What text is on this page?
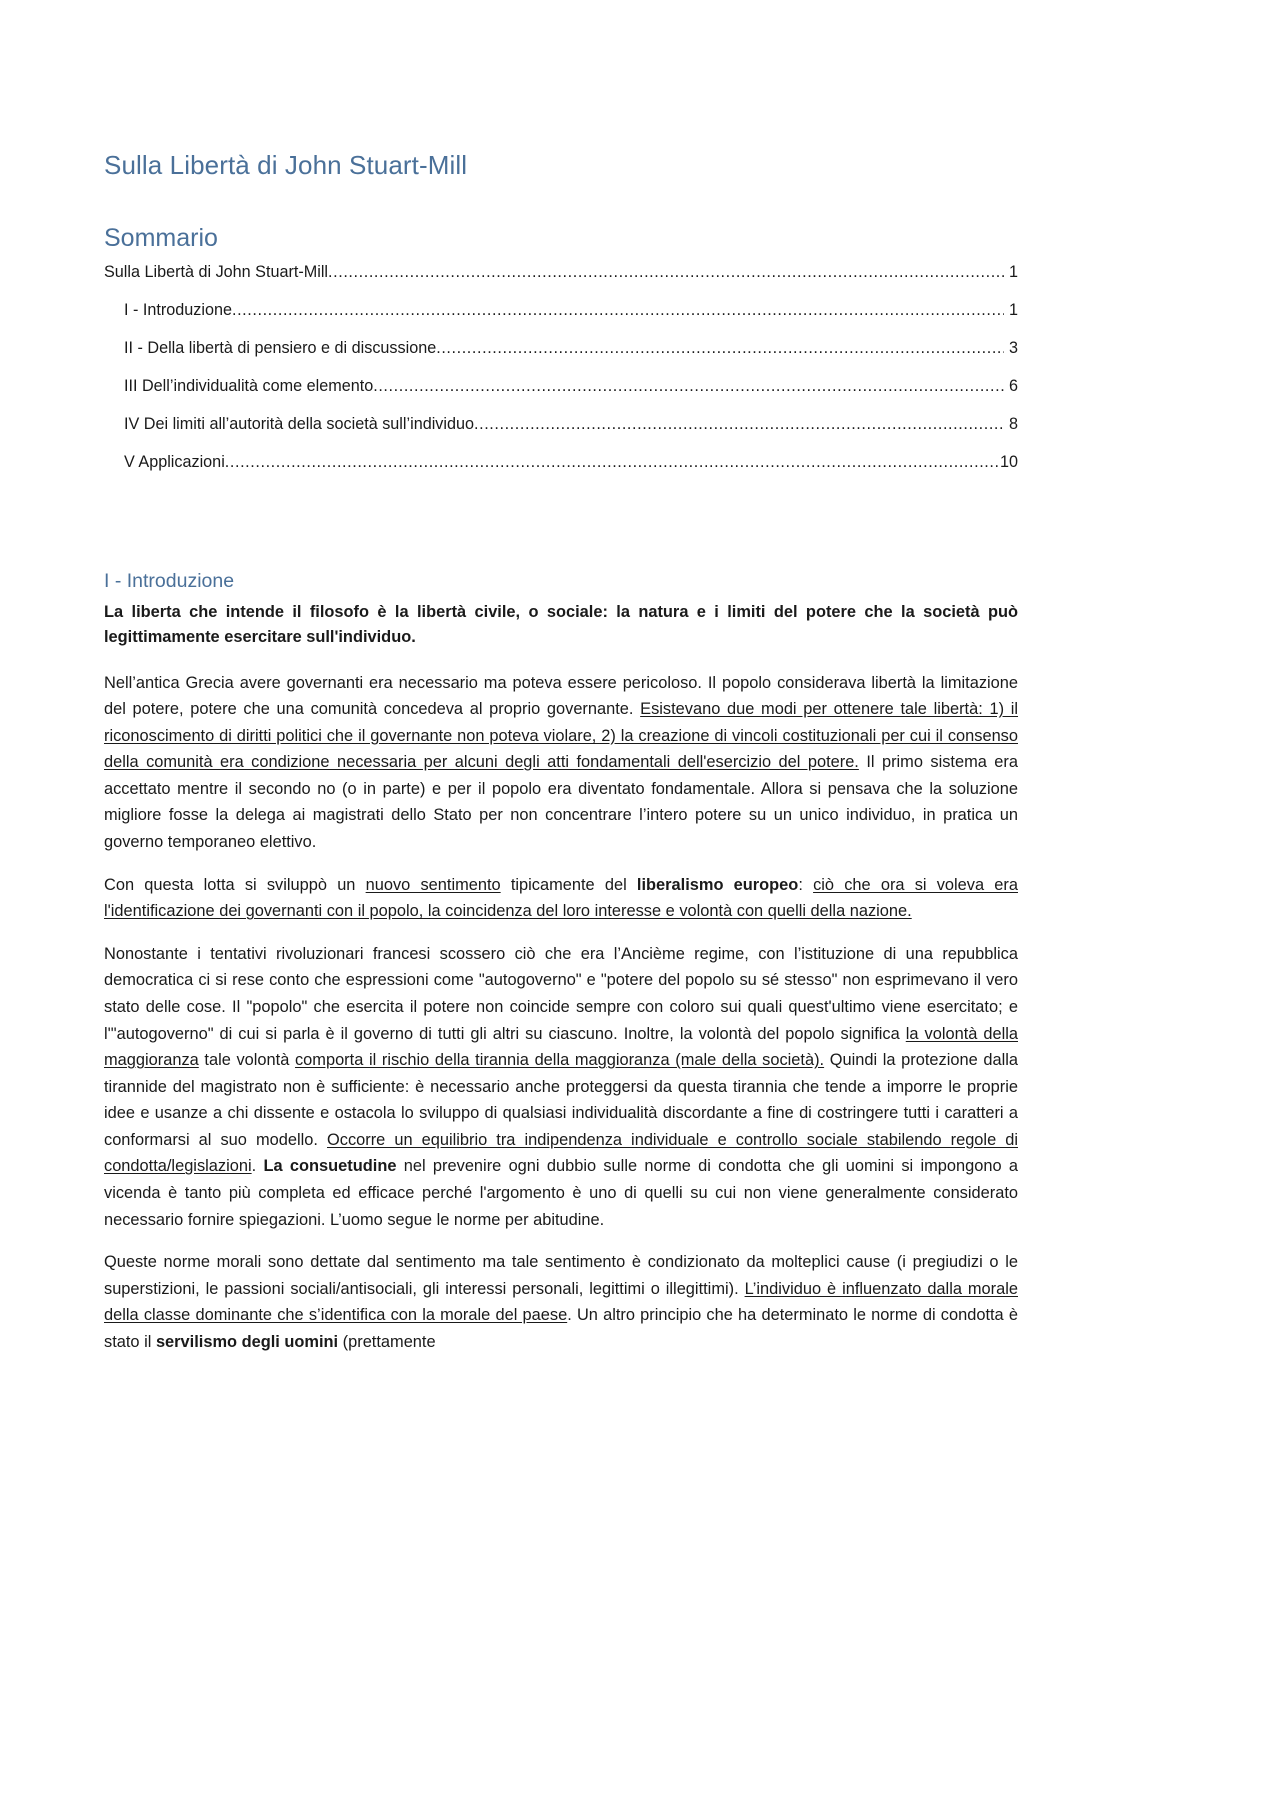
Sulla Libertà di John Stuart-Mill
Sommario
Sulla Libertà di John Stuart-Mill .....	1
I - Introduzione .....	1
II - Della libertà di pensiero e di discussione .....	3
III Dell’individualità come elemento .....	6
IV Dei limiti all’autorità della società sull’individuo .....	8
V Applicazioni .....	10
I - Introduzione

La liberta che intende il filosofo è la libertà civile, o sociale: la natura e i limiti del potere che la società può legittimamente esercitare sull'individuo.

Nell’antica Grecia avere governanti era necessario ma poteva essere pericoloso. Il popolo considerava libertà la limitazione del potere, potere che una comunità concedeva al proprio governante. Esistevano due modi per ottenere tale libertà: 1) il riconoscimento di diritti politici che il governante non poteva violare, 2) la creazione di vincoli costituzionali per cui il consenso della comunità era condizione necessaria per alcuni degli atti fondamentali dell'esercizio del potere. Il primo sistema era accettato mentre il secondo no (o in parte) e per il popolo era diventato fondamentale. Allora si pensava che la soluzione migliore fosse la delega ai magistrati dello Stato per non concentrare l’intero potere su un unico individuo, in pratica un governo temporaneo elettivo.

Con questa lotta si sviluppò un nuovo sentimento tipicamente del liberalismo europeo: ciò che ora si voleva era l'identificazione dei governanti con il popolo, la coincidenza del loro interesse e volontà con quelli della nazione.

Nonostante i tentativi rivoluzionari francesi scossero ciò che era l’Ancième regime, con l’istituzione di una repubblica democratica ci si rese conto che espressioni come "autogoverno" e "potere del popolo su sé stesso" non esprimevano il vero stato delle cose. Il "popolo" che esercita il potere non coincide sempre con coloro sui quali quest'ultimo viene esercitato; e l'"autogoverno" di cui si parla è il governo di tutti gli altri su ciascuno. Inoltre, la volontà del popolo significa la volontà della maggioranza tale volontà comporta il rischio della tirannia della maggioranza (male della società). Quindi la protezione dalla tirannide del magistrato non è sufficiente: è necessario anche proteggersi da questa tirannia che tende a imporre le proprie idee e usanze a chi dissente e ostacola lo sviluppo di qualsiasi individualità discordante a fine di costringere tutti i caratteri a conformarsi al suo modello. Occorre un equilibrio tra indipendenza individuale e controllo sociale stabilendo regole di condotta/legislazioni. La consuetudine nel prevenire ogni dubbio sulle norme di condotta che gli uomini si impongono a vicenda è tanto più completa ed efficace perché l'argomento è uno di quelli su cui non viene generalmente considerato necessario fornire spiegazioni. L’uomo segue le norme per abitudine.

Queste norme morali sono dettate dal sentimento ma tale sentimento è condizionato da molteplici cause (i pregiudizi o le superstizioni, le passioni sociali/antisociali, gli interessi personali, legittimi o illegittimi). L’individuo è influenzato dalla morale della classe dominante che s’identifica con la morale del paese. Un altro principio che ha determinato le norme di condotta è stato il servilismo degli uomini (prettamente
